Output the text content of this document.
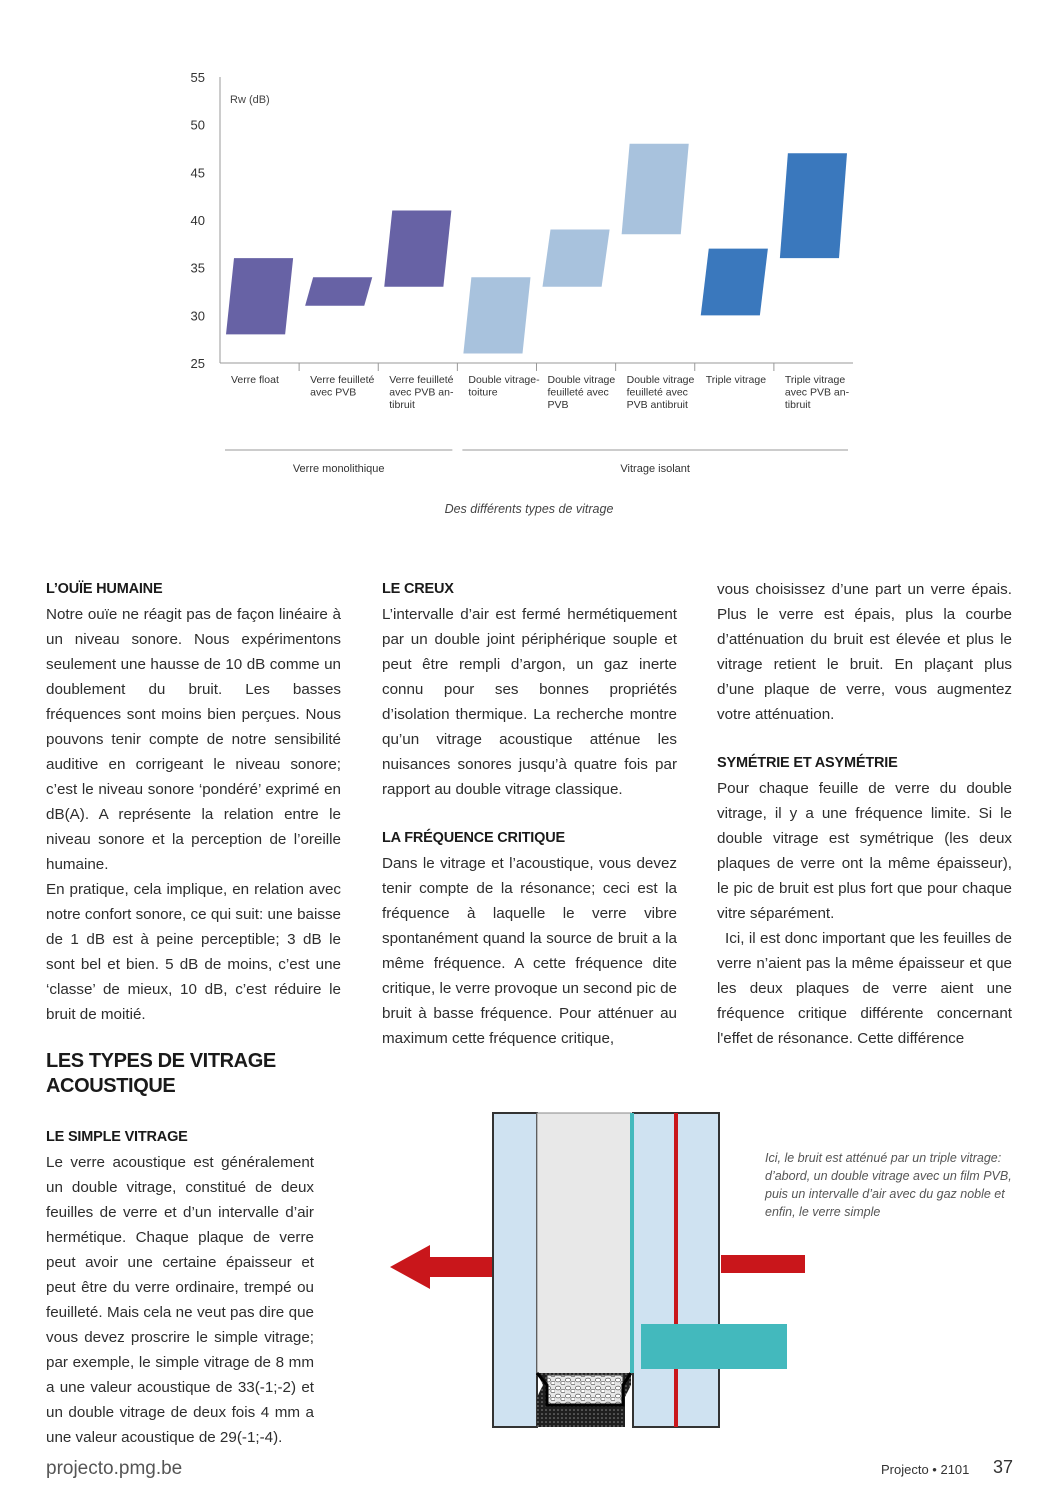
25
30
35
40
45
50
55
Rw (dB)
Verre float	Verre feuilleté
avec PVB
Verre feuilleté
avec PVB an-
tibruit
Double vitrage-
toiture
Double vitrage
feuilleté avec
PVB
Double vitrage
feuilleté avec
PVB antibruit
Triple vitrage Triple vitrage
avec PVB an-
tibruit
Verre monolithique	Vitrage isolant
Des différents types de vitrage
L’OUÏE HUMAINE

Notre ouïe ne réagit pas de façon linéaire à un niveau sonore. Nous expérimentons seulement une hausse de 10 dB comme un doublement du bruit. Les basses fréquences sont moins bien perçues. Nous pouvons tenir compte de notre sensibilité auditive en corrigeant le niveau sonore; c’est le niveau sonore ‘pondéré’ exprimé en dB(A). A représente la relation entre le niveau sonore et la perception de l’oreille humaine.

En pratique, cela implique, en relation avec notre confort sonore, ce qui suit: une baisse de 1 dB est à peine perceptible; 3 dB le sont bel et bien. 5 dB de moins, c’est une ‘classe’ de mieux, 10 dB, c’est réduire le bruit de moitié.

LES TYPES DE VITRAGE
ACOUSTIQUE
LE SIMPLE VITRAGE

Le verre acoustique est généralement un double vitrage, constitué de deux feuilles de verre et d’un intervalle d’air hermétique. Chaque plaque de verre peut avoir une certaine épaisseur et peut être du verre ordinaire, trempé ou feuilleté. Mais cela ne veut pas dire que vous devez proscrire le simple vitrage; par exemple, le simple vitrage de 8 mm a une valeur acoustique de 33(-1;-2) et un double vitrage de deux fois 4 mm a une valeur acoustique de 29(-1;-4).

LE CREUX

L’intervalle d’air est fermé hermétiquement par un double joint périphérique souple et peut être rempli d’argon, un gaz inerte connu pour ses bonnes propriétés d’isolation thermique. La recherche montre qu’un vitrage acoustique atténue les nuisances sonores jusqu’à quatre fois par rapport au double vitrage classique.

LA FRÉQUENCE CRITIQUE

Dans le vitrage et l’acoustique, vous devez tenir compte de la résonance; ceci est la fréquence à laquelle le verre vibre spontanément quand la source de bruit a la même fréquence. A cette fréquence dite critique, le verre provoque un second pic de bruit à basse fréquence. Pour atténuer au maximum cette fréquence critique,

vous choisissez d’une part un verre épais. Plus le verre est épais, plus la courbe d’atténuation du bruit est élevée et plus le vitrage retient le bruit. En plaçant plus d’une plaque de verre, vous augmentez votre atténuation.

SYMÉTRIE ET ASYMÉTRIE

Pour chaque feuille de verre du double vitrage, il y a une fréquence limite. Si le double vitrage est symétrique (les deux plaques de verre ont la même épaisseur), le pic de bruit est plus fort que pour chaque vitre séparément.

Ici, il est donc important que les feuilles de verre n’aient pas la même épaisseur et que les deux plaques de verre aient une fréquence critique différente concernant l'effet de résonance. Cette différence

Ici, le bruit est atténué par un triple vitrage: d’abord, un double vitrage avec un film PVB, puis un intervalle d’air avec du gaz noble et enfin, le verre simple
projecto.pmg.be	Projecto • 2101 37
